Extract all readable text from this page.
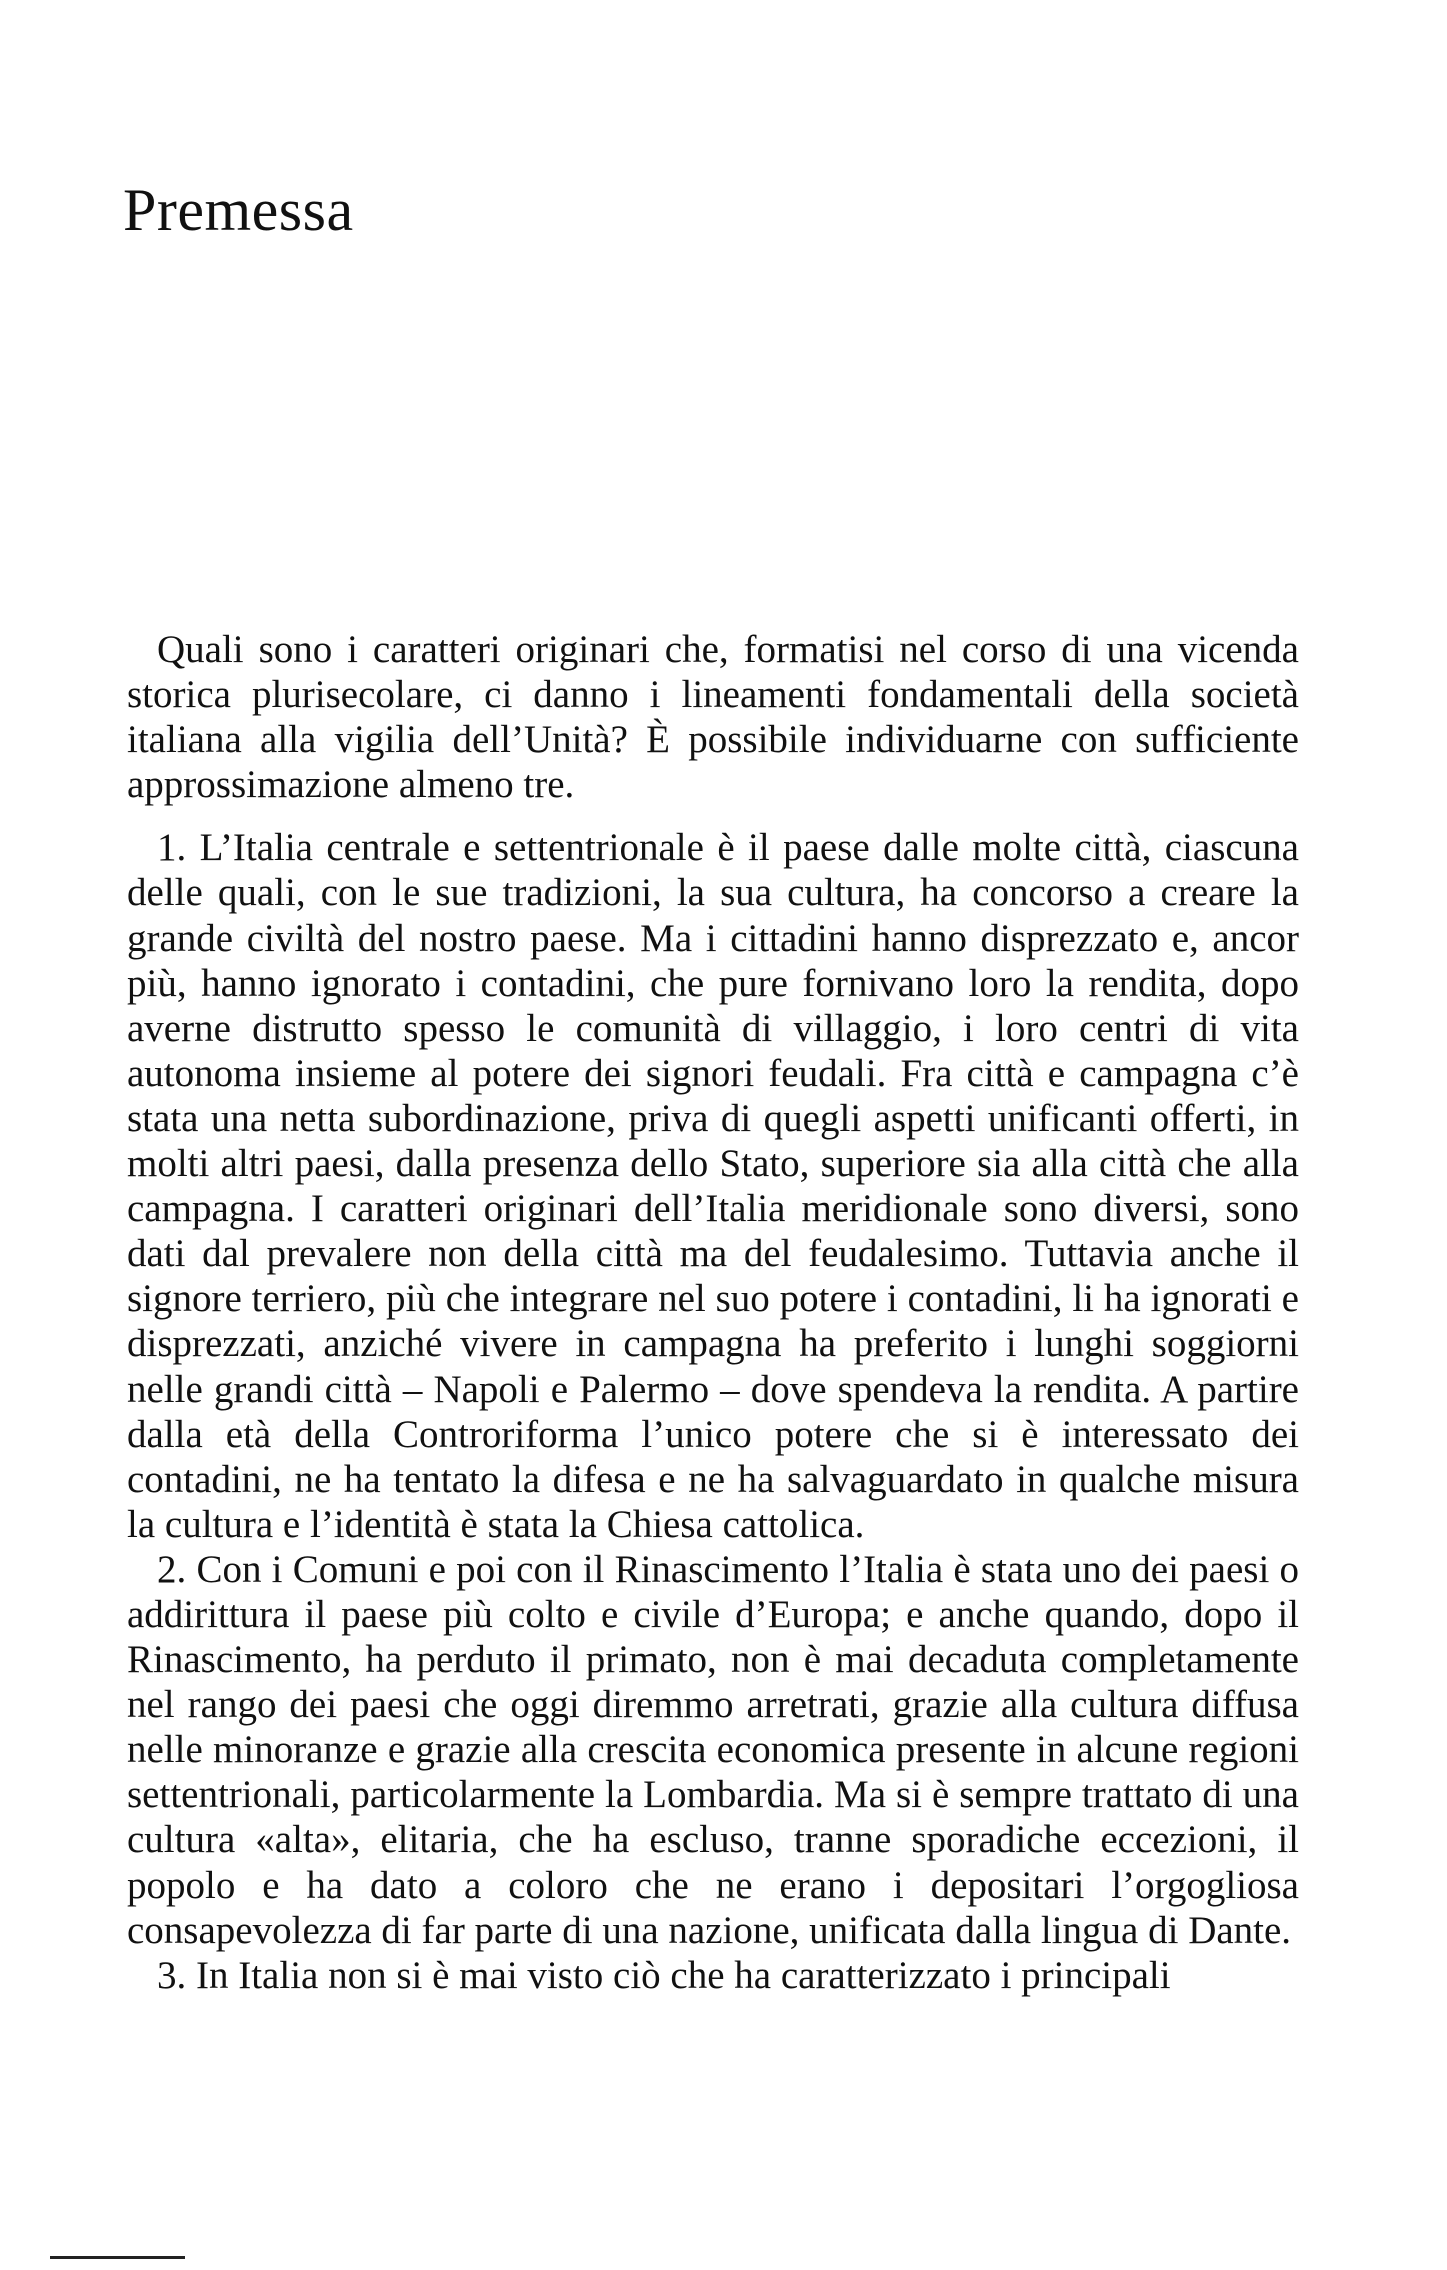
Premessa

Quali sono i caratteri originari che, formatisi nel corso di una vicenda storica plurisecolare, ci danno i lineamenti fondamentali della società italiana alla vigilia dell’Unità? È possibile individuarne con sufficiente approssimazione almeno tre.

1. L’Italia centrale e settentrionale è il paese dalle molte città, ciascuna delle quali, con le sue tradizioni, la sua cultura, ha concorso a creare la grande civiltà del nostro paese. Ma i cittadini hanno disprezzato e, ancor più, hanno ignorato i contadini, che pure fornivano loro la rendita, dopo averne distrutto spesso le comunità di villaggio, i loro centri di vita autonoma insieme al potere dei signori feudali. Fra città e campagna c’è stata una netta subordinazione, priva di quegli aspetti unificanti offerti, in molti altri paesi, dalla presenza dello Stato, superiore sia alla città che alla campagna. I caratteri originari dell’Italia meridionale sono diversi, sono dati dal prevalere non della città ma del feudalesimo. Tuttavia anche il signore terriero, più che integrare nel suo potere i contadini, li ha ignorati e disprezzati, anziché vivere in campagna ha preferito i lunghi soggiorni nelle grandi città – Napoli e Palermo – dove spendeva la rendita. A partire dalla età della Controriforma l’unico potere che si è interessato dei contadini, ne ha tentato la difesa e ne ha salvaguardato in qualche misura la cultura e l’identità è stata la Chiesa cattolica.

2. Con i Comuni e poi con il Rinascimento l’Italia è stata uno dei paesi o addirittura il paese più colto e civile d’Europa; e anche quando, dopo il Rinascimento, ha perduto il primato, non è mai decaduta completamente nel rango dei paesi che oggi diremmo arretrati, grazie alla cultura diffusa nelle minoranze e grazie alla crescita economica presente in alcune regioni settentrionali, particolarmente la Lombardia. Ma si è sempre trattato di una cultura «alta», elitaria, che ha escluso, tranne sporadiche eccezioni, il popolo e ha dato a coloro che ne erano i depositari l’orgogliosa consapevolezza di far parte di una nazione, unificata dalla lingua di Dante.

3. In Italia non si è mai visto ciò che ha caratterizzato i principali
